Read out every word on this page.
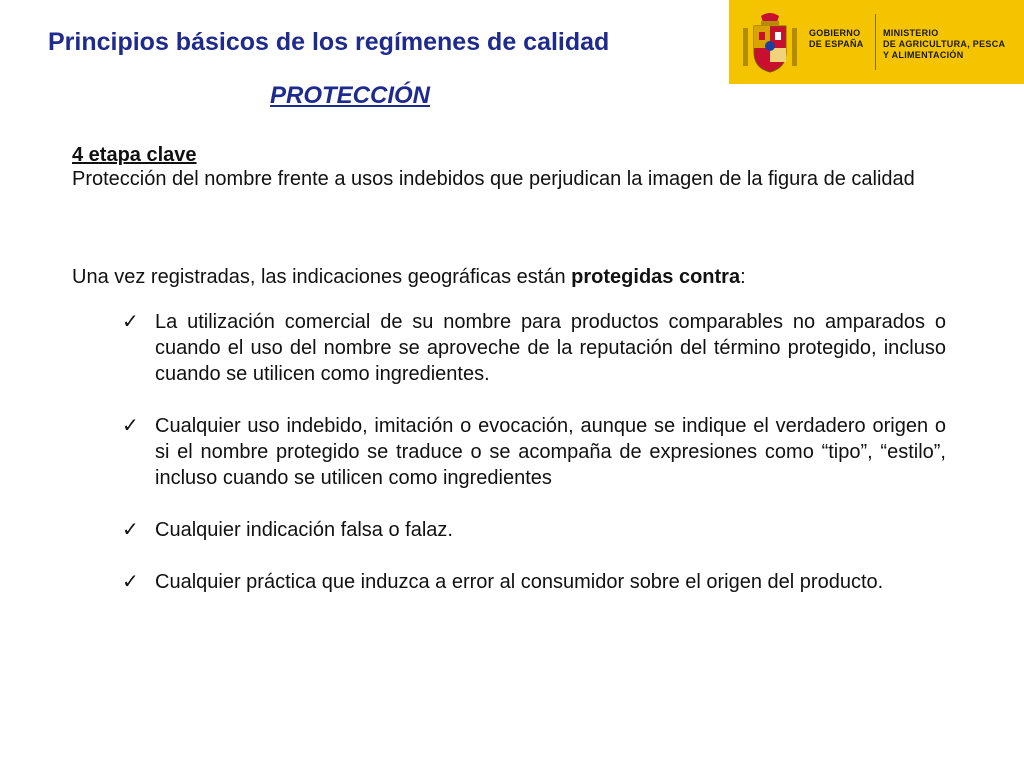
Principios básicos de los regímenes de calidad
PROTECCIÓN
GOBIERNO
DE ESPAÑA
MINISTERIO
DE AGRICULTURA, PESCA
Y ALIMENTACIÓN

4 etapa clave

Protección del nombre frente a usos indebidos que perjudican la imagen de la figura de calidad

Una vez registradas, las indicaciones geográficas están protegidas contra:

✓ La utilización comercial de su nombre para productos comparables no amparados o cuando el uso del nombre se aproveche de la reputación del término protegido, incluso cuando se utilicen como ingredientes.
✓ Cualquier uso indebido, imitación o evocación, aunque se indique el verdadero origen o si el nombre protegido se traduce o se acompaña de expresiones como “tipo”, “estilo”, incluso cuando se utilicen como ingredientes
✓ Cualquier indicación falsa o falaz.
✓ Cualquier práctica que induzca a error al consumidor sobre el origen del producto.
